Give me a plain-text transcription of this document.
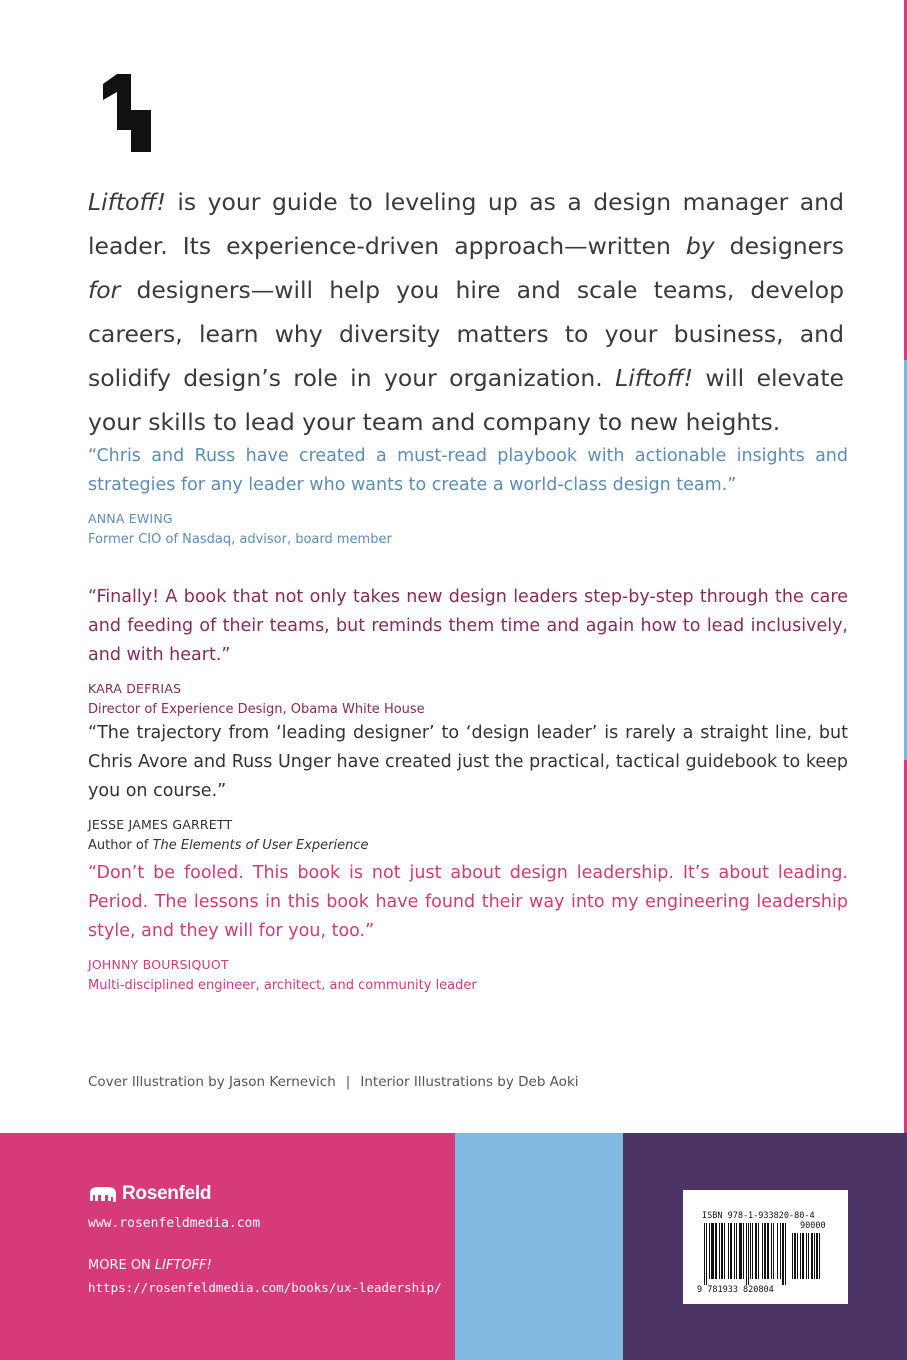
Liftoff! is your guide to leveling up as a design manager and leader. Its experience-driven approach—written by designers for designers—will help you hire and scale teams, develop careers, learn why diversity matters to your business, and solidify design’s role in your organization. Liftoff! will elevate your skills to lead your team and company to new heights.

“Chris and Russ have created a must-read playbook with actionable insights and strategies for any leader who wants to create a world-class design team.”

ANNA EWING
Former CIO of Nasdaq, advisor, board member

“Finally! A book that not only takes new design leaders step-by-step through the care and feeding of their teams, but reminds them time and again how to lead inclusively, and with heart.”

KARA DEFRIAS
Director of Experience Design, Obama White House

“The trajectory from ‘leading designer’ to ‘design leader’ is rarely a straight line, but Chris Avore and Russ Unger have created just the practical, tactical guidebook to keep you on course.”

JESSE JAMES GARRETT
Author of The Elements of User Experience

“Don’t be fooled. This book is not just about design leadership. It’s about leading. Period. The lessons in this book have found their way into my engineering leadership style, and they will for you, too.”

JOHNNY BOURSIQUOT
Multi-disciplined engineer, architect, and community leader
Cover Illustration by Jason Kernevich | Interior Illustrations by Deb Aoki
Rosenfeld
www.rosenfeldmedia.com
MORE ON LIFTOFF!
https://rosenfeldmedia.com/books/ux-leadership/
ISBN 978-1-933820-80-4
90000
9 781933 820804
